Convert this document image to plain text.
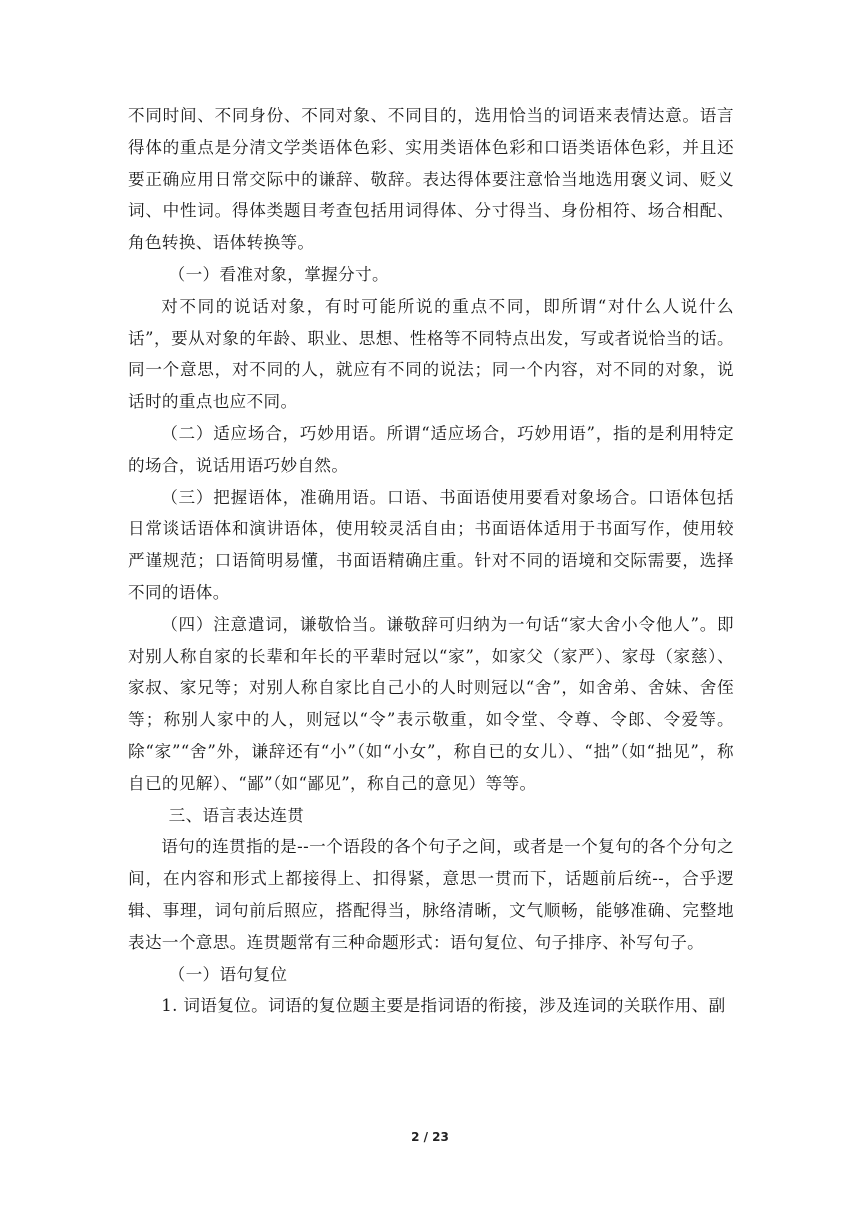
不同时间、不同身份、不同对象、不同目的，选用恰当的词语来表情达意。语言得体的重点是分清文学类语体色彩、实用类语体色彩和口语类语体色彩，并且还要正确应用日常交际中的谦辞、敬辞。表达得体要注意恰当地选用褒义词、贬义词、中性词。得体类题目考查包括用词得体、分寸得当、身份相符、场合相配、角色转换、语体转换等。

（一）看准对象，掌握分寸。

对不同的说话对象，有时可能所说的重点不同，即所谓“对什么人说什么话”，要从对象的年龄、职业、思想、性格等不同特点出发，写或者说恰当的话。同一个意思，对不同的人，就应有不同的说法；同一个内容，对不同的对象，说话时的重点也应不同。

（二）适应场合，巧妙用语。所谓“适应场合，巧妙用语”，指的是利用特定的场合，说话用语巧妙自然。

（三）把握语体，准确用语。口语、书面语使用要看对象场合。口语体包括日常谈话语体和演讲语体，使用较灵活自由；书面语体适用于书面写作，使用较严谨规范；口语简明易懂，书面语精确庄重。针对不同的语境和交际需要，选择不同的语体。

（四）注意遣词，谦敬恰当。谦敬辞可归纳为一句话“家大舍小令他人”。即对别人称自家的长辈和年长的平辈时冠以“家”，如家父（家严）、家母（家慈）、家叔、家兄等；对别人称自家比自己小的人时则冠以“舍”，如舍弟、舍妹、舍侄等；称别人家中的人，则冠以“令”表示敬重，如令堂、令尊、令郎、令爱等。除“家”“舍”外，谦辞还有“小”（如“小女”，称自已的女儿）、“拙”（如“拙见”，称自已的见解）、“鄙”（如“鄙见”，称自己的意见）等等。

三、语言表达连贯

语句的连贯指的是--一个语段的各个句子之间，或者是一个复句的各个分句之间，在内容和形式上都接得上、扣得紧，意思一贯而下，话题前后统--，合乎逻辑、事理，词句前后照应，搭配得当，脉络清晰，文气顺畅，能够准确、完整地表达一个意思。连贯题常有三种命题形式：语句复位、句子排序、补写句子。

（一）语句复位

1. 词语复位。词语的复位题主要是指词语的衔接，涉及连词的关联作用、副

2 / 23
